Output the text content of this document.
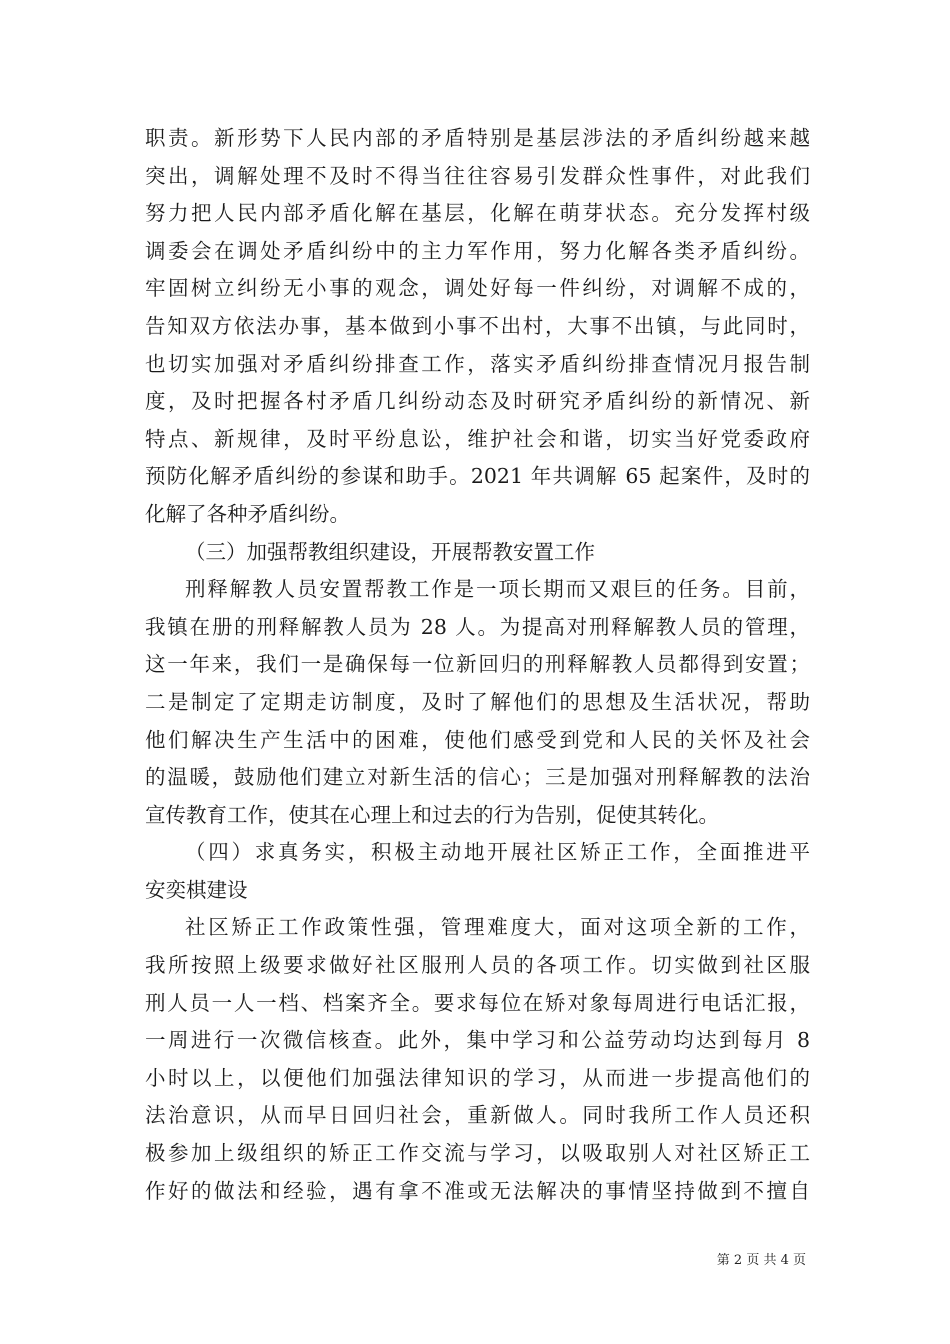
职责。新形势下人民内部的矛盾特别是基层涉法的矛盾纠纷越来越
突出，调解处理不及时不得当往往容易引发群众性事件，对此我们
努力把人民内部矛盾化解在基层，化解在萌芽状态。充分发挥村级
调委会在调处矛盾纠纷中的主力军作用，努力化解各类矛盾纠纷。
牢固树立纠纷无小事的观念，调处好每一件纠纷，对调解不成的，
告知双方依法办事，基本做到小事不出村，大事不出镇，与此同时，
也切实加强对矛盾纠纷排查工作，落实矛盾纠纷排查情况月报告制
度，及时把握各村矛盾几纠纷动态及时研究矛盾纠纷的新情况、新
特点、新规律，及时平纷息讼，维护社会和谐，切实当好党委政府
预防化解矛盾纠纷的参谋和助手。2021 年共调解 65 起案件，及时的
化解了各种矛盾纠纷。
（三）加强帮教组织建设，开展帮教安置工作
刑释解教人员安置帮教工作是一项长期而又艰巨的任务。目前，
我镇在册的刑释解教人员为 28 人。为提高对刑释解教人员的管理，
这一年来，我们一是确保每一位新回归的刑释解教人员都得到安置；
二是制定了定期走访制度，及时了解他们的思想及生活状况，帮助
他们解决生产生活中的困难，使他们感受到党和人民的关怀及社会
的温暖，鼓励他们建立对新生活的信心；三是加强对刑释解教的法治
宣传教育工作，使其在心理上和过去的行为告别，促使其转化。
（四）求真务实，积极主动地开展社区矫正工作，全面推进平
安奕棋建设
社区矫正工作政策性强，管理难度大，面对这项全新的工作，
我所按照上级要求做好社区服刑人员的各项工作。切实做到社区服
刑人员一人一档、档案齐全。要求每位在矫对象每周进行电话汇报，
一周进行一次微信核查。此外，集中学习和公益劳动均达到每月 8
小时以上，以便他们加强法律知识的学习，从而进一步提高他们的
法治意识，从而早日回归社会，重新做人。同时我所工作人员还积
极参加上级组织的矫正工作交流与学习，以吸取别人对社区矫正工
作好的做法和经验，遇有拿不准或无法解决的事情坚持做到不擅自
第 2 页 共 4 页
